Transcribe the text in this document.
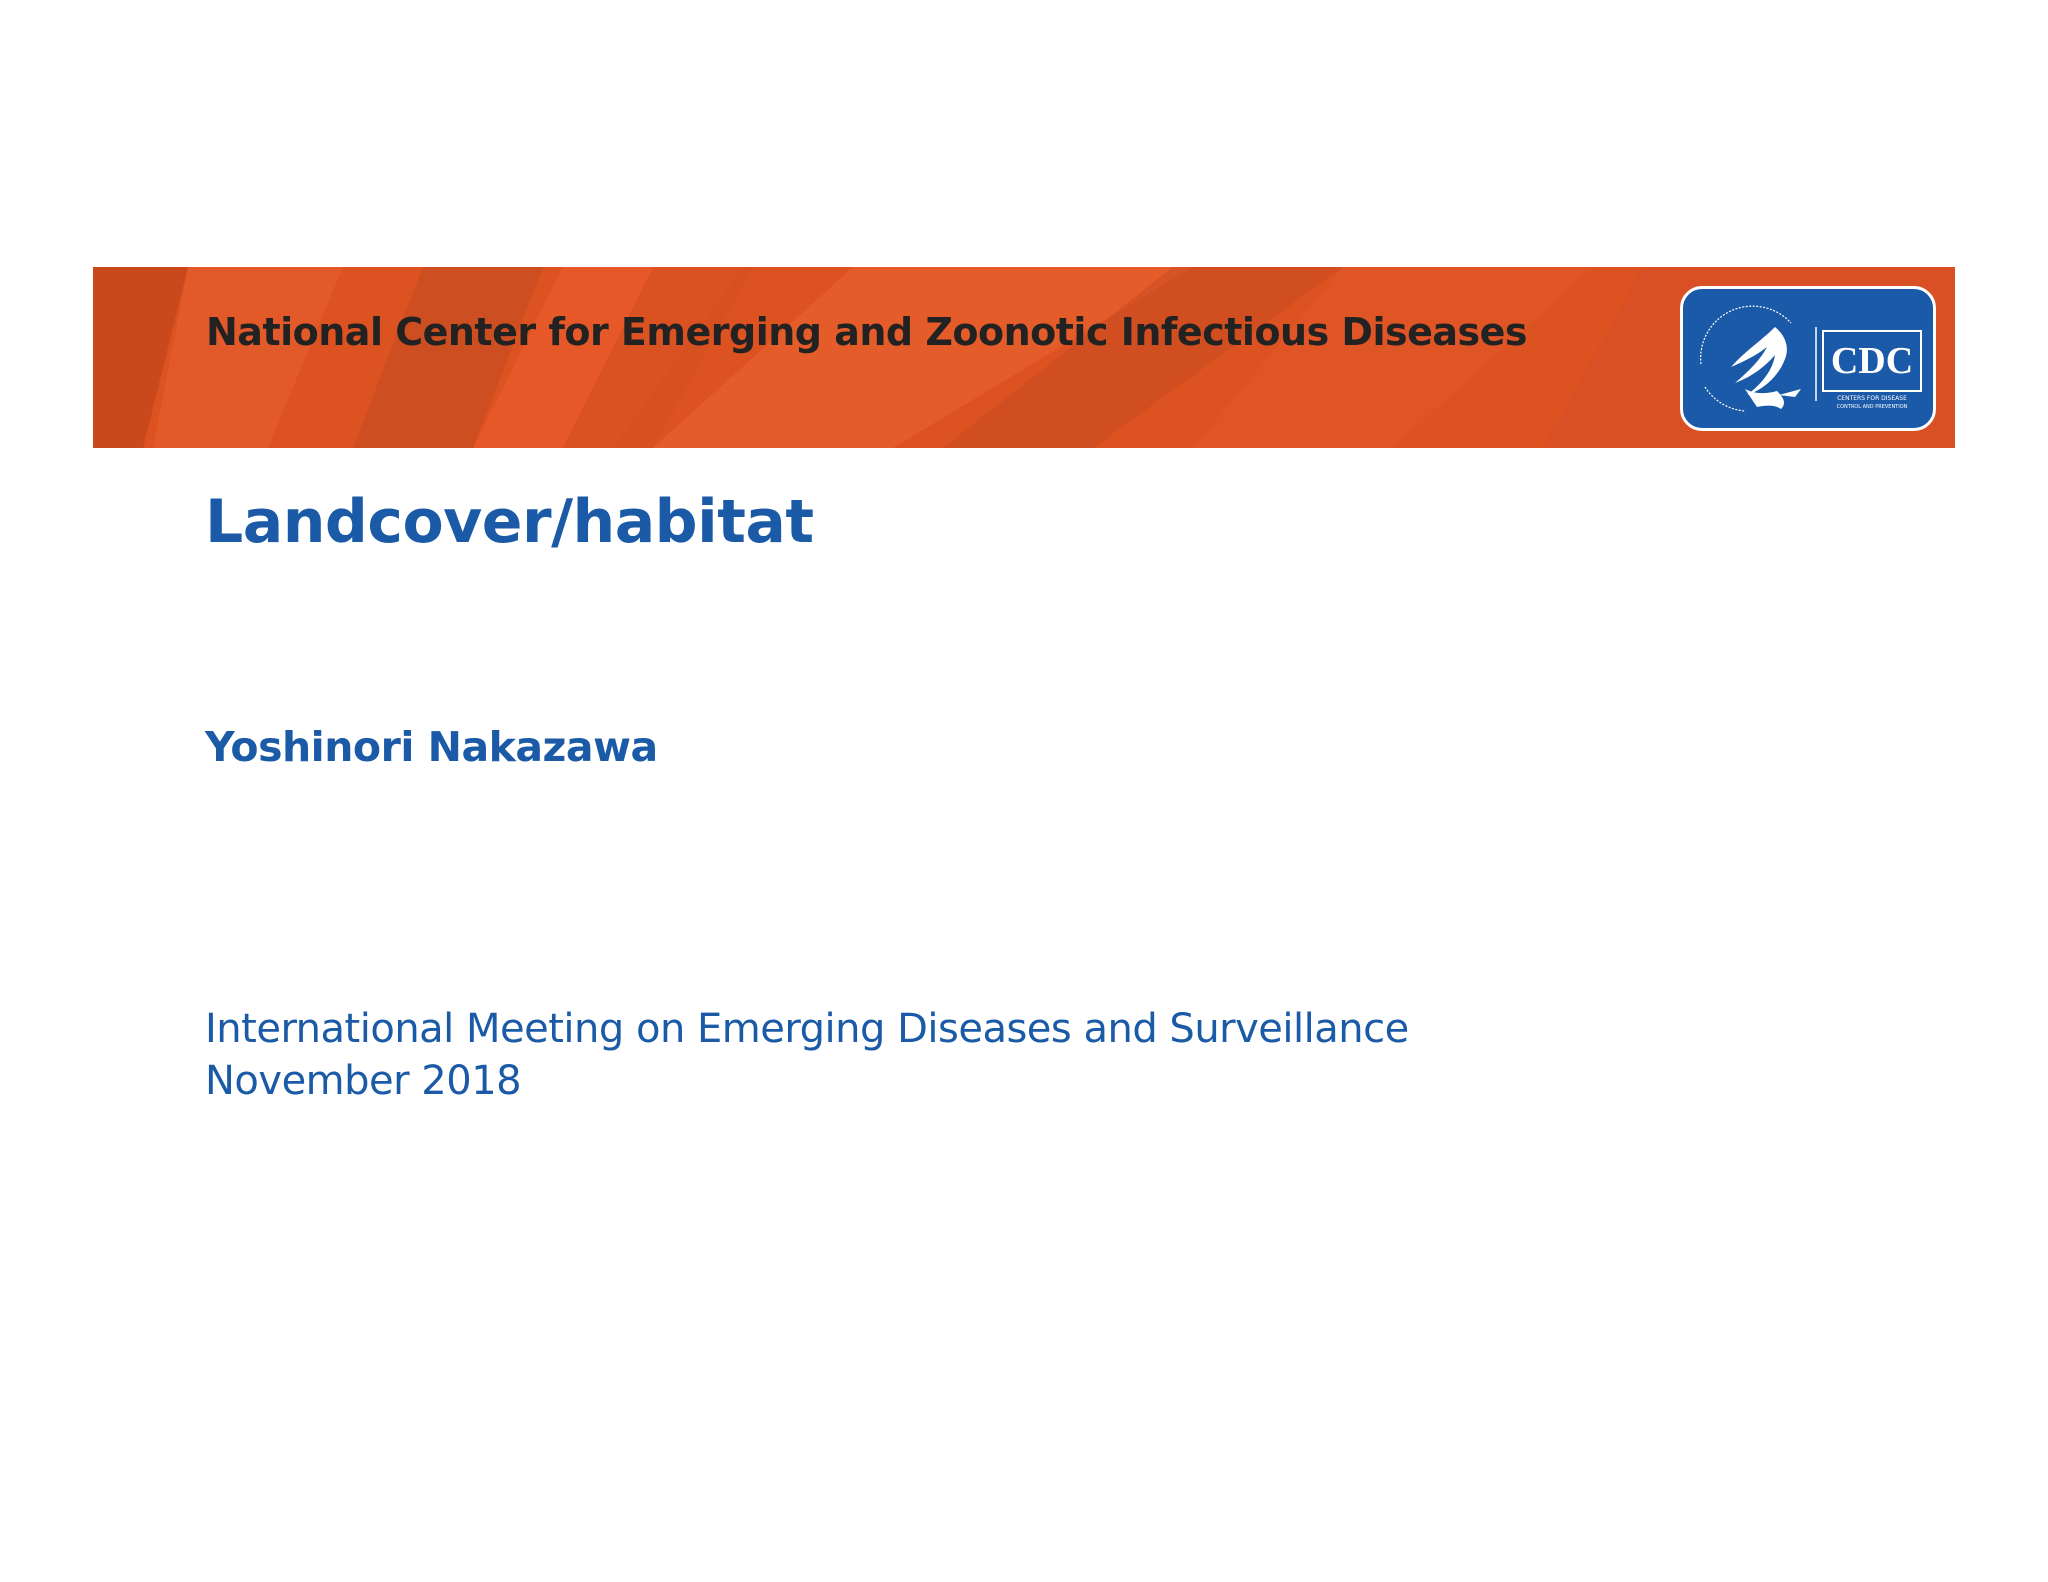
National Center for Emerging and Zoonotic Infectious Diseases
CDC
CENTERS FOR DISEASE
CONTROL AND PREVENTION
Landcover/habitat

Yoshinori Nakazawa

International Meeting on Emerging Diseases and Surveillance
November 2018
